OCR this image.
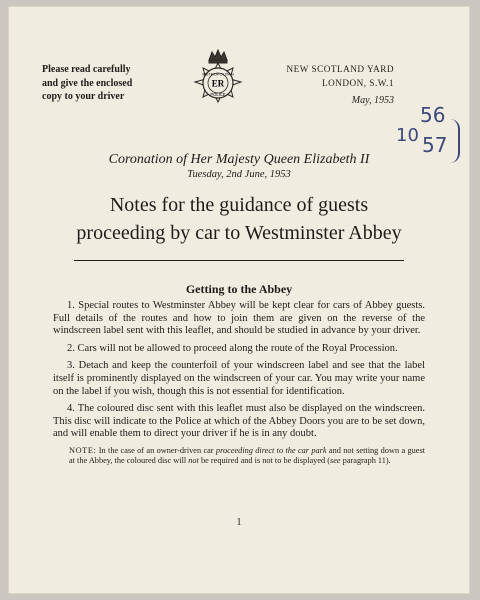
Please read carefully
and give the enclosed
copy to your driver
METROPOLITAN
ER
POLICE
NEW SCOTLAND YARD
LONDON, S.W.1
May, 1953
56
10 57
Coronation of Her Majesty Queen Elizabeth II
Tuesday, 2nd June, 1953
Notes for the guidance of guests
proceeding by car to Westminster Abbey
Getting to the Abbey

1. Special routes to Westminster Abbey will be kept clear for cars of Abbey guests. Full details of the routes and how to join them are given on the reverse of the windscreen label sent with this leaflet, and should be studied in advance by your driver.

2. Cars will not be allowed to proceed along the route of the Royal Procession.

3. Detach and keep the counterfoil of your windscreen label and see that the label itself is prominently displayed on the windscreen of your car. You may write your name on the label if you wish, though this is not essential for identification.

4. The coloured disc sent with this leaflet must also be displayed on the windscreen. This disc will indicate to the Police at which of the Abbey Doors you are to be set down, and will enable them to direct your driver if he is in any doubt.

NOTE: In the case of an owner-driven car proceeding direct to the car park and not setting down a guest at the Abbey, the coloured disc will not be required and is not to be displayed (see paragraph 11).
1
